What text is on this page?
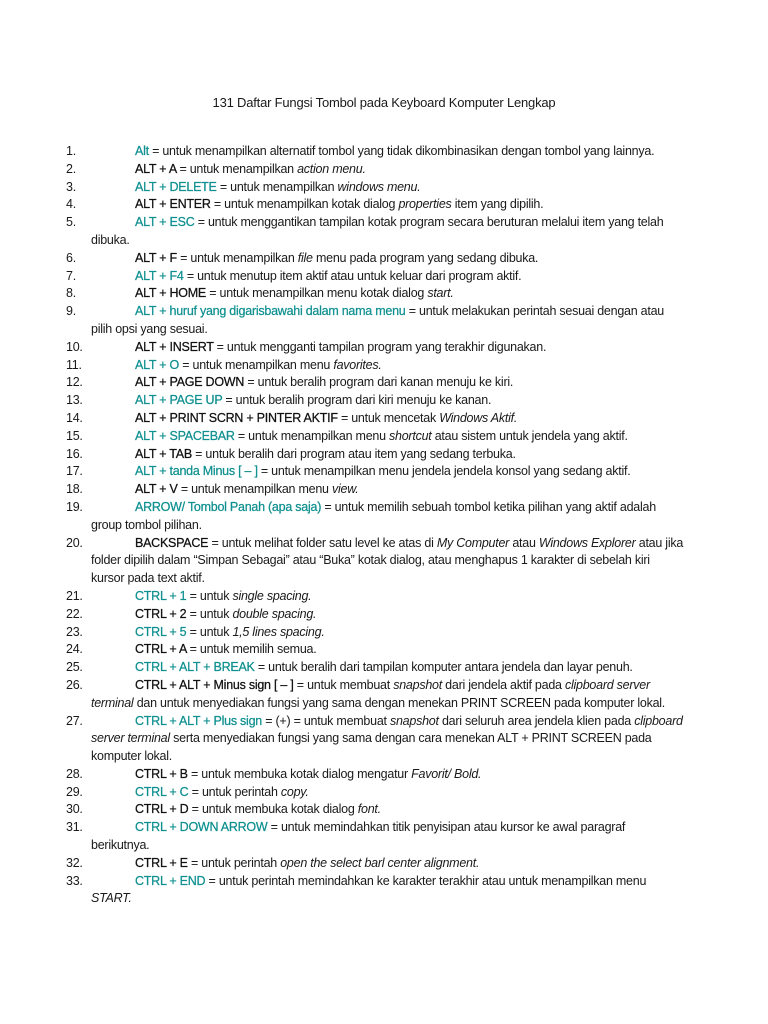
131 Daftar Fungsi Tombol pada Keyboard Komputer Lengkap
1.	Alt = untuk menampilkan alternatif tombol yang tidak dikombinasikan dengan tombol yang lainnya.

2.	ALT + A = untuk menampilkan action menu.

3.	ALT + DELETE = untuk menampilkan windows menu.

4.	ALT + ENTER = untuk menampilkan kotak dialog properties item yang dipilih.

5.	ALT + ESC = untuk menggantikan tampilan kotak program secara beruturan melalui item yang telah dibuka.

6.	ALT + F = untuk menampilkan file menu pada program yang sedang dibuka.

7.	ALT + F4 = untuk menutup item aktif atau untuk keluar dari program aktif.

8.	ALT + HOME = untuk menampilkan menu kotak dialog start.

9.	ALT + huruf yang digarisbawahi dalam nama menu = untuk melakukan perintah sesuai dengan atau pilih opsi yang sesuai.

10.	ALT + INSERT = untuk mengganti tampilan program yang terakhir digunakan.

11.	ALT + O = untuk menampilkan menu favorites.

12.	ALT + PAGE DOWN = untuk beralih program dari kanan menuju ke kiri.

13.	ALT + PAGE UP = untuk beralih program dari kiri menuju ke kanan.

14.	ALT + PRINT SCRN + PINTER AKTIF = untuk mencetak Windows Aktif.

15.	ALT + SPACEBAR = untuk menampilkan menu shortcut atau sistem untuk jendela yang aktif.

16.	ALT + TAB = untuk beralih dari program atau item yang sedang terbuka.

17.	ALT + tanda Minus [ – ] = untuk menampilkan menu jendela jendela konsol yang sedang aktif.

18.	ALT + V = untuk menampilkan menu view.

19.	ARROW/ Tombol Panah (apa saja) = untuk memilih sebuah tombol ketika pilihan yang aktif adalah group tombol pilihan.

20.	BACKSPACE = untuk melihat folder satu level ke atas di My Computer atau Windows Explorer atau jika folder dipilih dalam “Simpan Sebagai” atau “Buka” kotak dialog, atau menghapus 1 karakter di sebelah kiri kursor pada text aktif.

21.	CTRL + 1 = untuk single spacing.

22.	CTRL + 2 = untuk double spacing.

23.	CTRL + 5 = untuk 1,5 lines spacing.

24.	CTRL + A = untuk memilih semua.

25.	CTRL + ALT + BREAK = untuk beralih dari tampilan komputer antara jendela dan layar penuh.

26.	CTRL + ALT + Minus sign [ – ] = untuk membuat snapshot dari jendela aktif pada clipboard server terminal dan untuk menyediakan fungsi yang sama dengan menekan PRINT SCREEN pada komputer lokal.

27.	CTRL + ALT + Plus sign = (+) = untuk membuat snapshot dari seluruh area jendela klien pada clipboard server terminal serta menyediakan fungsi yang sama dengan cara menekan ALT + PRINT SCREEN pada komputer lokal.

28.	CTRL + B = untuk membuka kotak dialog mengatur Favorit/ Bold.

29.	CTRL + C = untuk perintah copy.

30.	CTRL + D = untuk membuka kotak dialog font.

31.	CTRL + DOWN ARROW = untuk memindahkan titik penyisipan atau kursor ke awal paragraf berikutnya.

32.	CTRL + E = untuk perintah open the select barl center alignment.

33.	CTRL + END = untuk perintah memindahkan ke karakter terakhir atau untuk menampilkan menu START.
